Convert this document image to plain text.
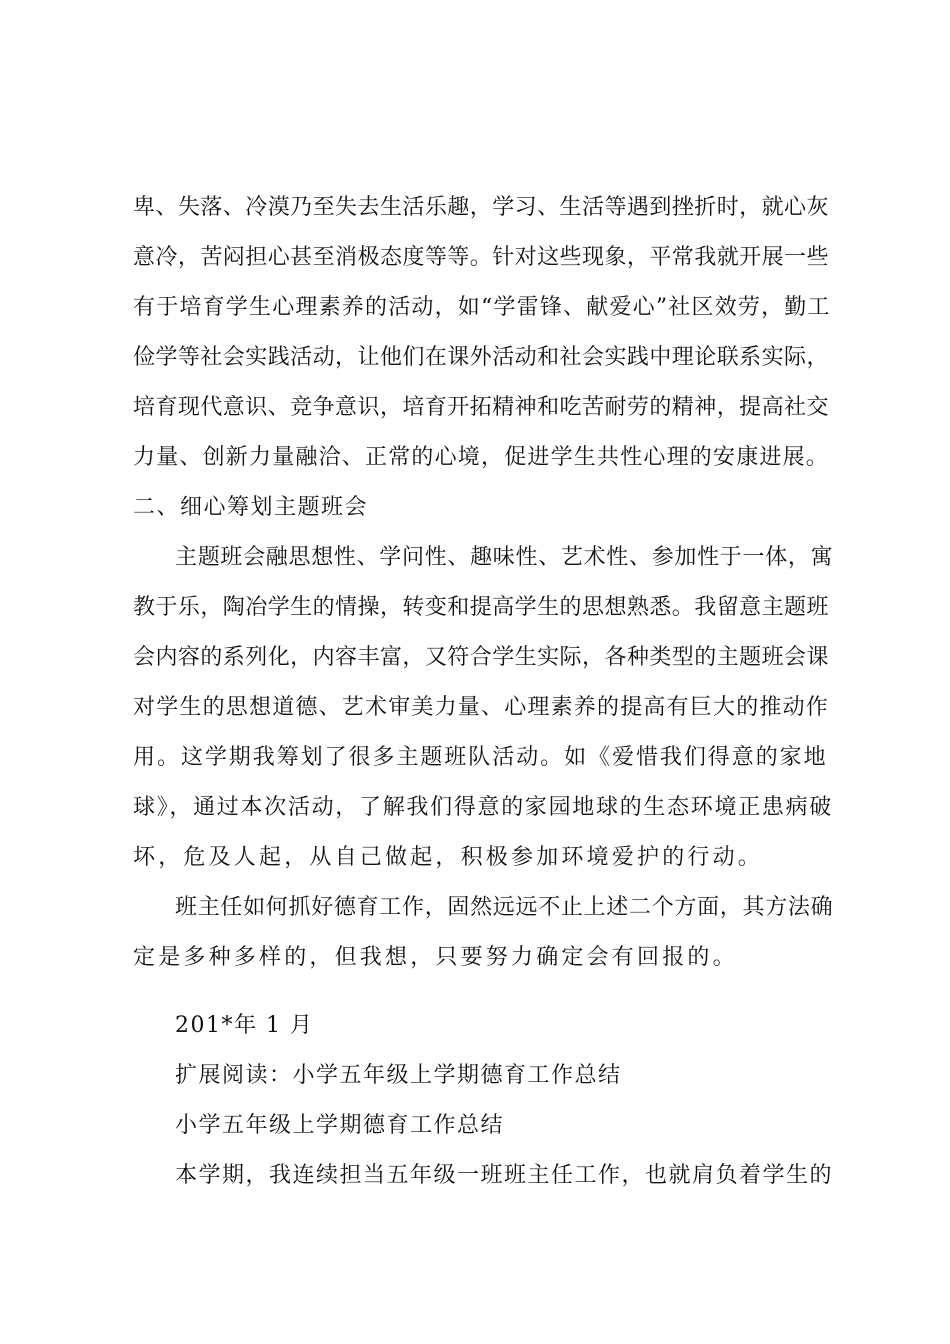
卑、失落、冷漠乃至失去生活乐趣，学习、生活等遇到挫折时，就心灰
意冷，苦闷担心甚至消极态度等等。针对这些现象，平常我就开展一些
有于培育学生心理素养的活动，如“学雷锋、献爱心”社区效劳，勤工
俭学等社会实践活动，让他们在课外活动和社会实践中理论联系实际，
培育现代意识、竞争意识，培育开拓精神和吃苦耐劳的精神，提高社交
力量、创新力量融洽、正常的心境，促进学生共性心理的安康进展。
二、细心筹划主题班会
主题班会融思想性、学问性、趣味性、艺术性、参加性于一体，寓
教于乐，陶冶学生的情操，转变和提高学生的思想熟悉。我留意主题班
会内容的系列化，内容丰富，又符合学生实际，各种类型的主题班会课
对学生的思想道德、艺术审美力量、心理素养的提高有巨大的推动作
用。这学期我筹划了很多主题班队活动。如《爱惜我们得意的家地
球》，通过本次活动，了解我们得意的家园地球的生态环境正患病破
坏，危及人起，从自己做起，积极参加环境爱护的行动。
班主任如何抓好德育工作，固然远远不止上述二个方面，其方法确
定是多种多样的，但我想，只要努力确定会有回报的。
201*年 1 月
扩展阅读：小学五年级上学期德育工作总结
小学五年级上学期德育工作总结
本学期，我连续担当五年级一班班主任工作，也就肩负着学生的
